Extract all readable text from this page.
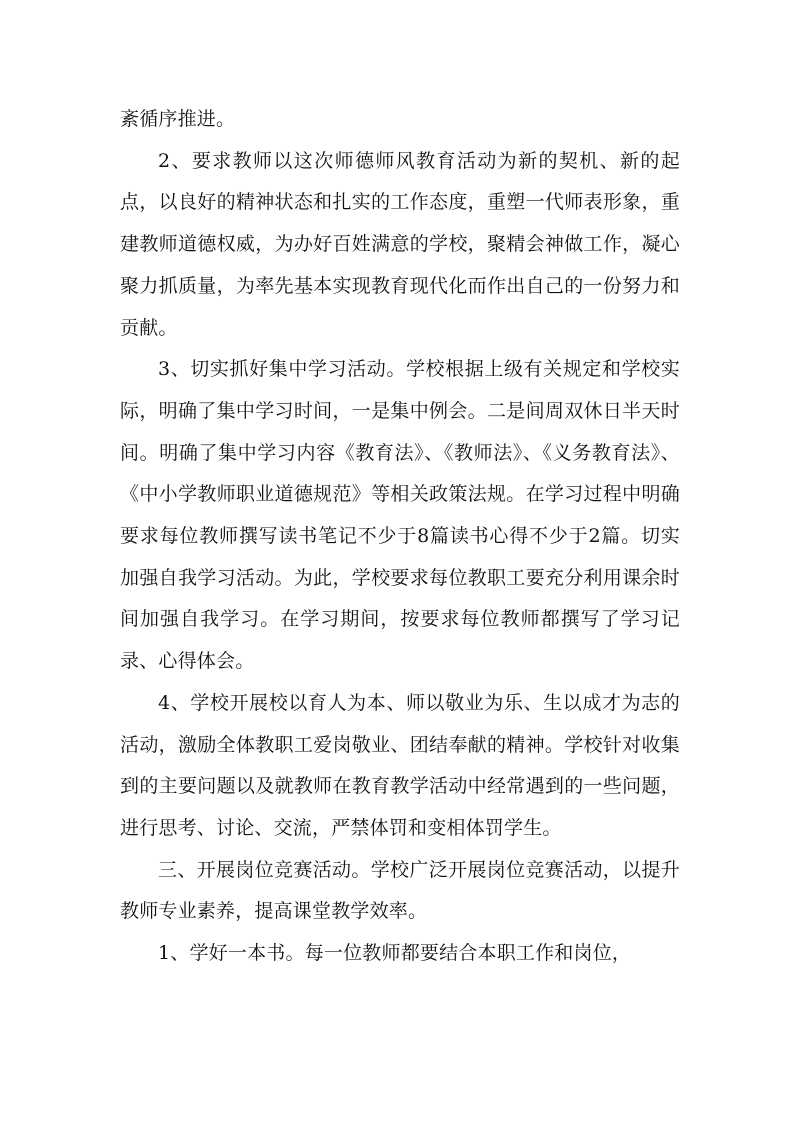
紊循序推进。

2、要求教师以这次师德师风教育活动为新的契机、新的起点，以良好的精神状态和扎实的工作态度，重塑一代师表形象，重建教师道德权威，为办好百姓满意的学校，聚精会神做工作，凝心聚力抓质量，为率先基本实现教育现代化而作出自己的一份努力和贡献。

3、切实抓好集中学习活动。学校根据上级有关规定和学校实际，明确了集中学习时间，一是集中例会。二是间周双休日半天时间。明确了集中学习内容《教育法》、《教师法》、《义务教育法》、《中小学教师职业道德规范》等相关政策法规。在学习过程中明确要求每位教师撰写读书笔记不少于8篇读书心得不少于2篇。切实加强自我学习活动。为此，学校要求每位教职工要充分利用课余时间加强自我学习。在学习期间，按要求每位教师都撰写了学习记录、心得体会。

4、学校开展校以育人为本、师以敬业为乐、生以成才为志的活动，激励全体教职工爱岗敬业、团结奉献的精神。学校针对收集到的主要问题以及就教师在教育教学活动中经常遇到的一些问题，进行思考、讨论、交流，严禁体罚和变相体罚学生。

三、开展岗位竞赛活动。学校广泛开展岗位竞赛活动，以提升教师专业素养，提高课堂教学效率。

1、学好一本书。每一位教师都要结合本职工作和岗位，
